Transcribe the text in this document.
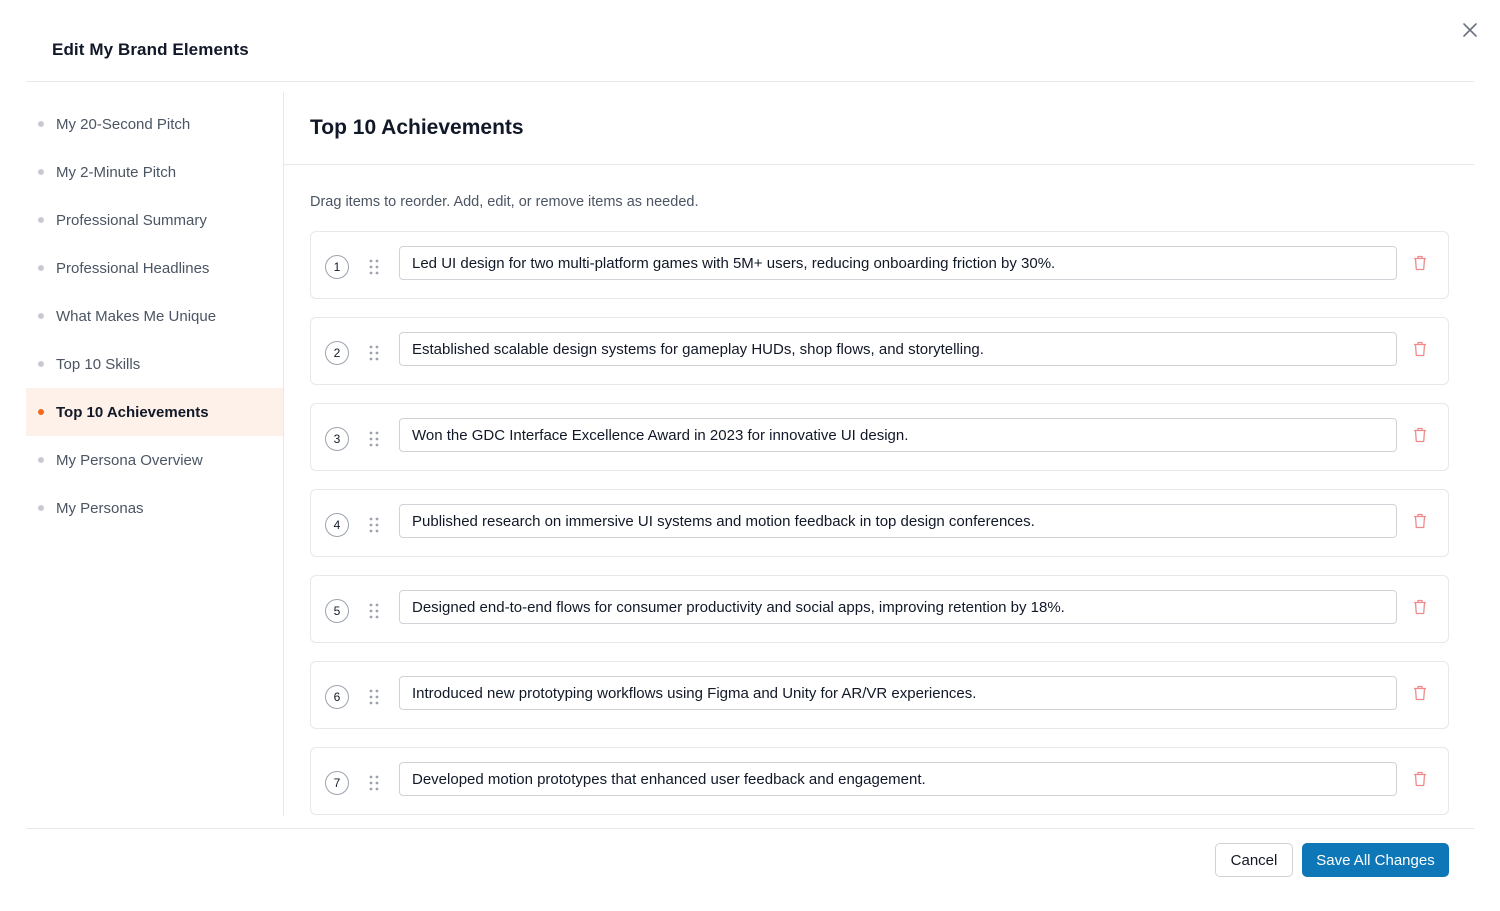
Edit My Brand Elements
My 20-Second Pitch
My 2-Minute Pitch
Professional Summary
Professional Headlines
What Makes Me Unique
Top 10 Skills
Top 10 Achievements
My Persona Overview
My Personas
Top 10 Achievements
Drag items to reorder. Add, edit, or remove items as needed.
1
Led UI design for two multi-platform games with 5M+ users, reducing onboarding friction by 30%.
2
Established scalable design systems for gameplay HUDs, shop flows, and storytelling.
3
Won the GDC Interface Excellence Award in 2023 for innovative UI design.
4
Published research on immersive UI systems and motion feedback in top design conferences.
5
Designed end-to-end flows for consumer productivity and social apps, improving retention by 18%.
6
Introduced new prototyping workflows using Figma and Unity for AR/VR experiences.
7
Developed motion prototypes that enhanced user feedback and engagement.
Cancel	Save All Changes
